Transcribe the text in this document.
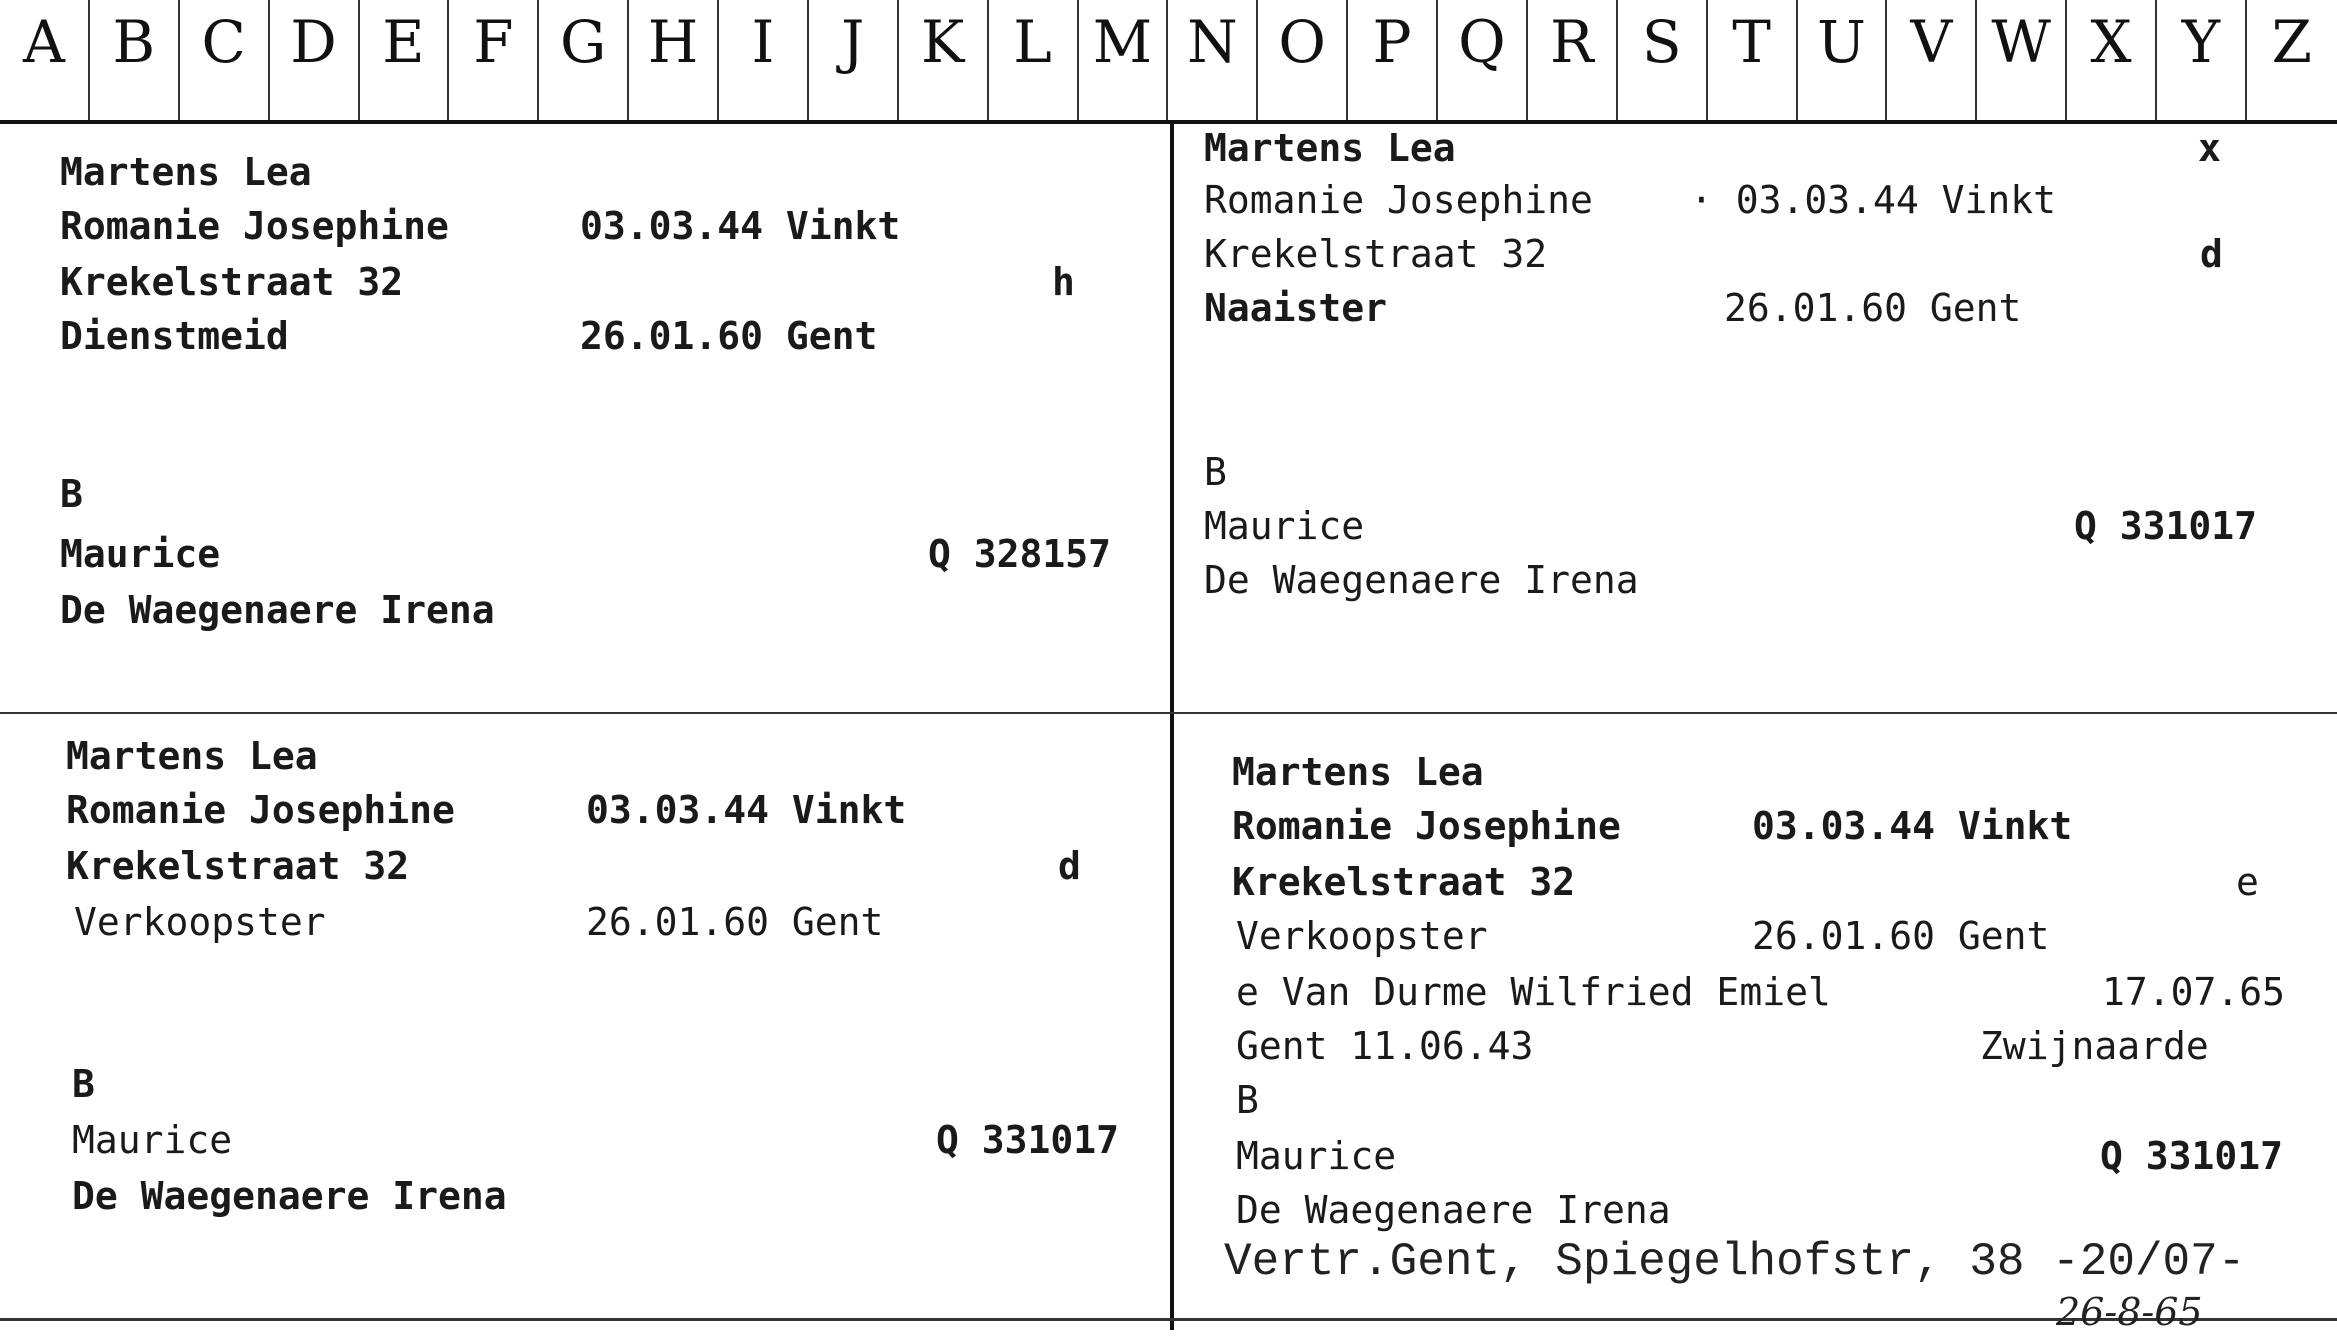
A B C D E F G H I	J K L M N O P Q R S T U V W X Y Z
Martens Lea
Romanie Josephine	03.03.44 Vinkt
Krekelstraat 32	h
Dienstmeid	26.01.60 Gent
B
Maurice	Q 328157
De Waegenaere Irena
Martens Lea	x
Romanie Josephine	· 03.03.44 Vinkt
Krekelstraat 32	d
Naaister	26.01.60 Gent
B
Maurice	Q 331017
De Waegenaere Irena
Martens Lea
Romanie Josephine	03.03.44 Vinkt
Krekelstraat 32	d
Verkoopster	26.01.60 Gent
B
Maurice	Q 331017
De Waegenaere Irena
Martens Lea
Romanie Josephine	03.03.44 Vinkt
Krekelstraat 32	e
Verkoopster	26.01.60 Gent
e Van Durme Wilfried Emiel	17.07.65
Gent 11.06.43	Zwijnaarde
B
Maurice	Q 331017
De Waegenaere Irena
Vertr.Gent, Spiegelhofstr, 38 -20/07-
26-8-65
